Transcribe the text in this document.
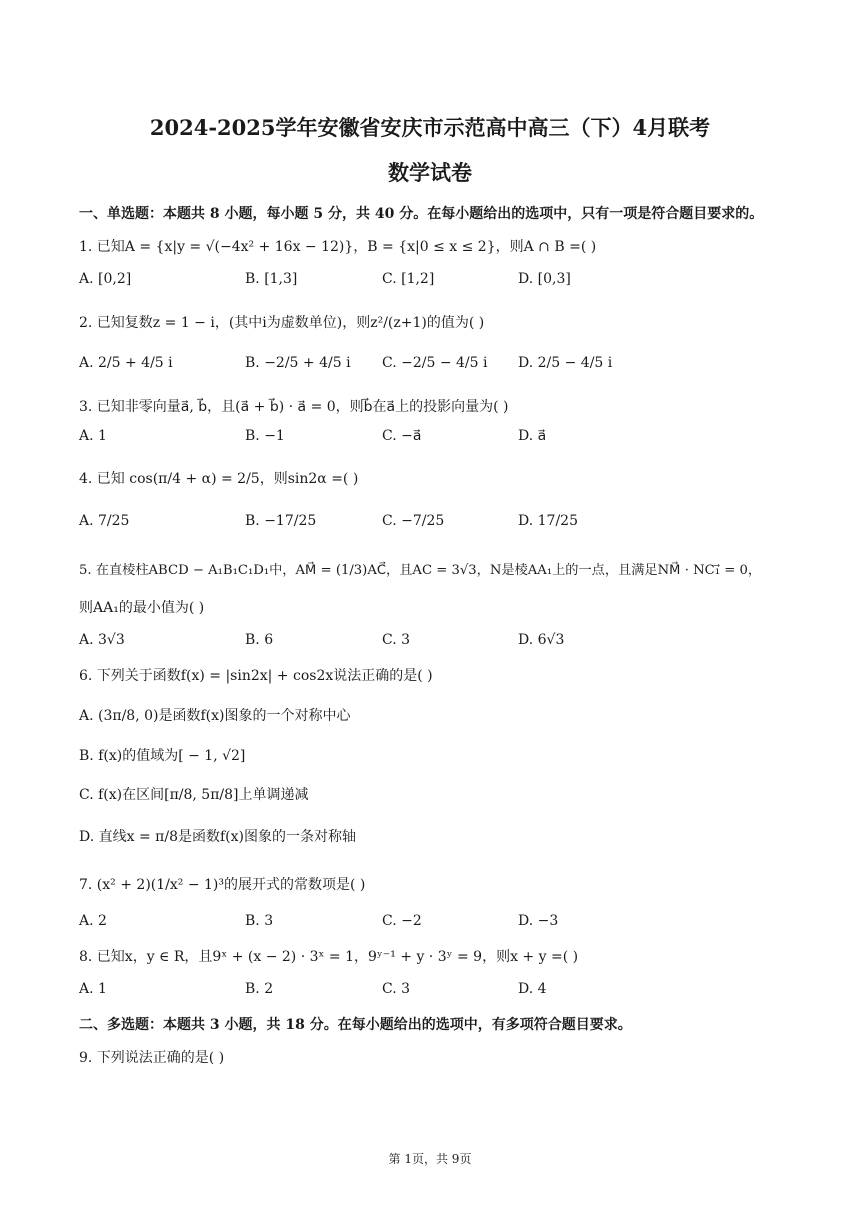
2024-2025学年安徽省安庆市示范高中高三（下）4月联考
数学试卷
一、单选题：本题共 8 小题，每小题 5 分，共 40 分。在每小题给出的选项中，只有一项是符合题目要求的。
1. 已知A = {x|y = √(−4x² + 16x − 12)}，B = {x|0 ≤ x ≤ 2}，则A ∩ B =( )
A. [0,2]	B. [1,3]	C. [1,2]	D. [0,3]
2. 已知复数z = 1 − i，(其中i为虚数单位)，则z²/(z+1)的值为( )
A. 2/5 + 4/5 i	B. −2/5 + 4/5 i C. −2/5 − 4/5 i D. 2/5 − 4/5 i
3. 已知非零向量a⃗, b⃗，且(a⃗ + b⃗) · a⃗ = 0，则b⃗在a⃗上的投影向量为( )
A. 1	B. −1	C. −a⃗	D. a⃗
4. 已知 cos(π/4 + α) = 2/5，则sin2α =( )
A. 7/25	B. −17/25	C. −7/25	D. 17/25
5. 在直棱柱ABCD − A₁B₁C₁D₁中，AM⃗ = (1/3)AC⃗，且AC = 3√3，N是棱AA₁上的一点，且满足NM⃗ · NC₁⃗ = 0，
则AA₁的最小值为( )
A. 3√3	B. 6	C. 3	D. 6√3
6. 下列关于函数f(x) = |sin2x| + cos2x说法正确的是( )
A. (3π/8, 0)是函数f(x)图象的一个对称中心
B. f(x)的值域为[ − 1, √2]
C. f(x)在区间[π/8, 5π/8]上单调递减
D. 直线x = π/8是函数f(x)图象的一条对称轴
7. (x² + 2)(1/x² − 1)³的展开式的常数项是( )
A. 2	B. 3	C. −2	D. −3
8. 已知x，y ∈ R，且9ˣ + (x − 2) · 3ˣ = 1，9ʸ⁻¹ + y · 3ʸ = 9，则x + y =( )
A. 1	B. 2	C. 3	D. 4
二、多选题：本题共 3 小题，共 18 分。在每小题给出的选项中，有多项符合题目要求。
9. 下列说法正确的是( )
第 1页，共 9页
